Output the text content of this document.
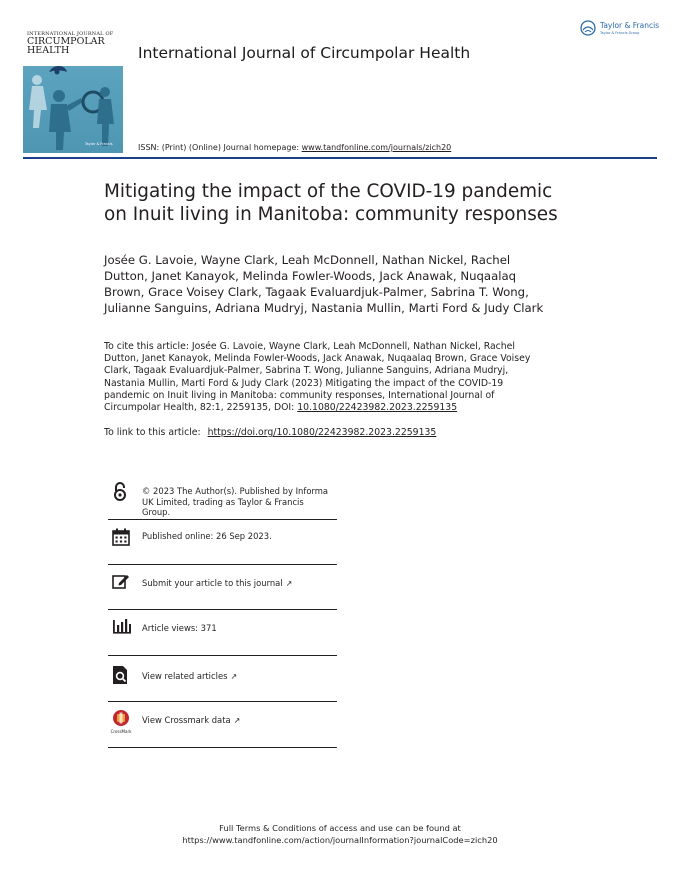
INTERNATIONAL JOURNAL OF
CIRCUMPOLAR
HEALTH
Taylor & Francis
International Journal of Circumpolar Health
ISSN: (Print) (Online) Journal homepage: www.tandfonline.com/journals/zich20
Taylor & Francis
Taylor & Francis Group
Mitigating the impact of the COVID-19 pandemic
on Inuit living in Manitoba: community responses
Josée G. Lavoie, Wayne Clark, Leah McDonnell, Nathan Nickel, Rachel
Dutton, Janet Kanayok, Melinda Fowler-Woods, Jack Anawak, Nuqaalaq
Brown, Grace Voisey Clark, Tagaak Evaluardjuk-Palmer, Sabrina T. Wong,
Julianne Sanguins, Adriana Mudryj, Nastania Mullin, Marti Ford & Judy Clark
To cite this article: Josée G. Lavoie, Wayne Clark, Leah McDonnell, Nathan Nickel, Rachel
Dutton, Janet Kanayok, Melinda Fowler-Woods, Jack Anawak, Nuqaalaq Brown, Grace Voisey
Clark, Tagaak Evaluardjuk-Palmer, Sabrina T. Wong, Julianne Sanguins, Adriana Mudryj,
Nastania Mullin, Marti Ford & Judy Clark (2023) Mitigating the impact of the COVID-19
pandemic on Inuit living in Manitoba: community responses, International Journal of
Circumpolar Health, 82:1, 2259135, DOI: 10.1080/22423982.2023.2259135
To link to this article: https://doi.org/10.1080/22423982.2023.2259135
© 2023 The Author(s). Published by Informa
UK Limited, trading as Taylor & Francis
Group.
Published online: 26 Sep 2023.
Submit your article to this journal ↗
Article views: 371
View related articles ↗
CrossMark
View Crossmark data ↗
Full Terms & Conditions of access and use can be found at
https://www.tandfonline.com/action/journalInformation?journalCode=zich20
